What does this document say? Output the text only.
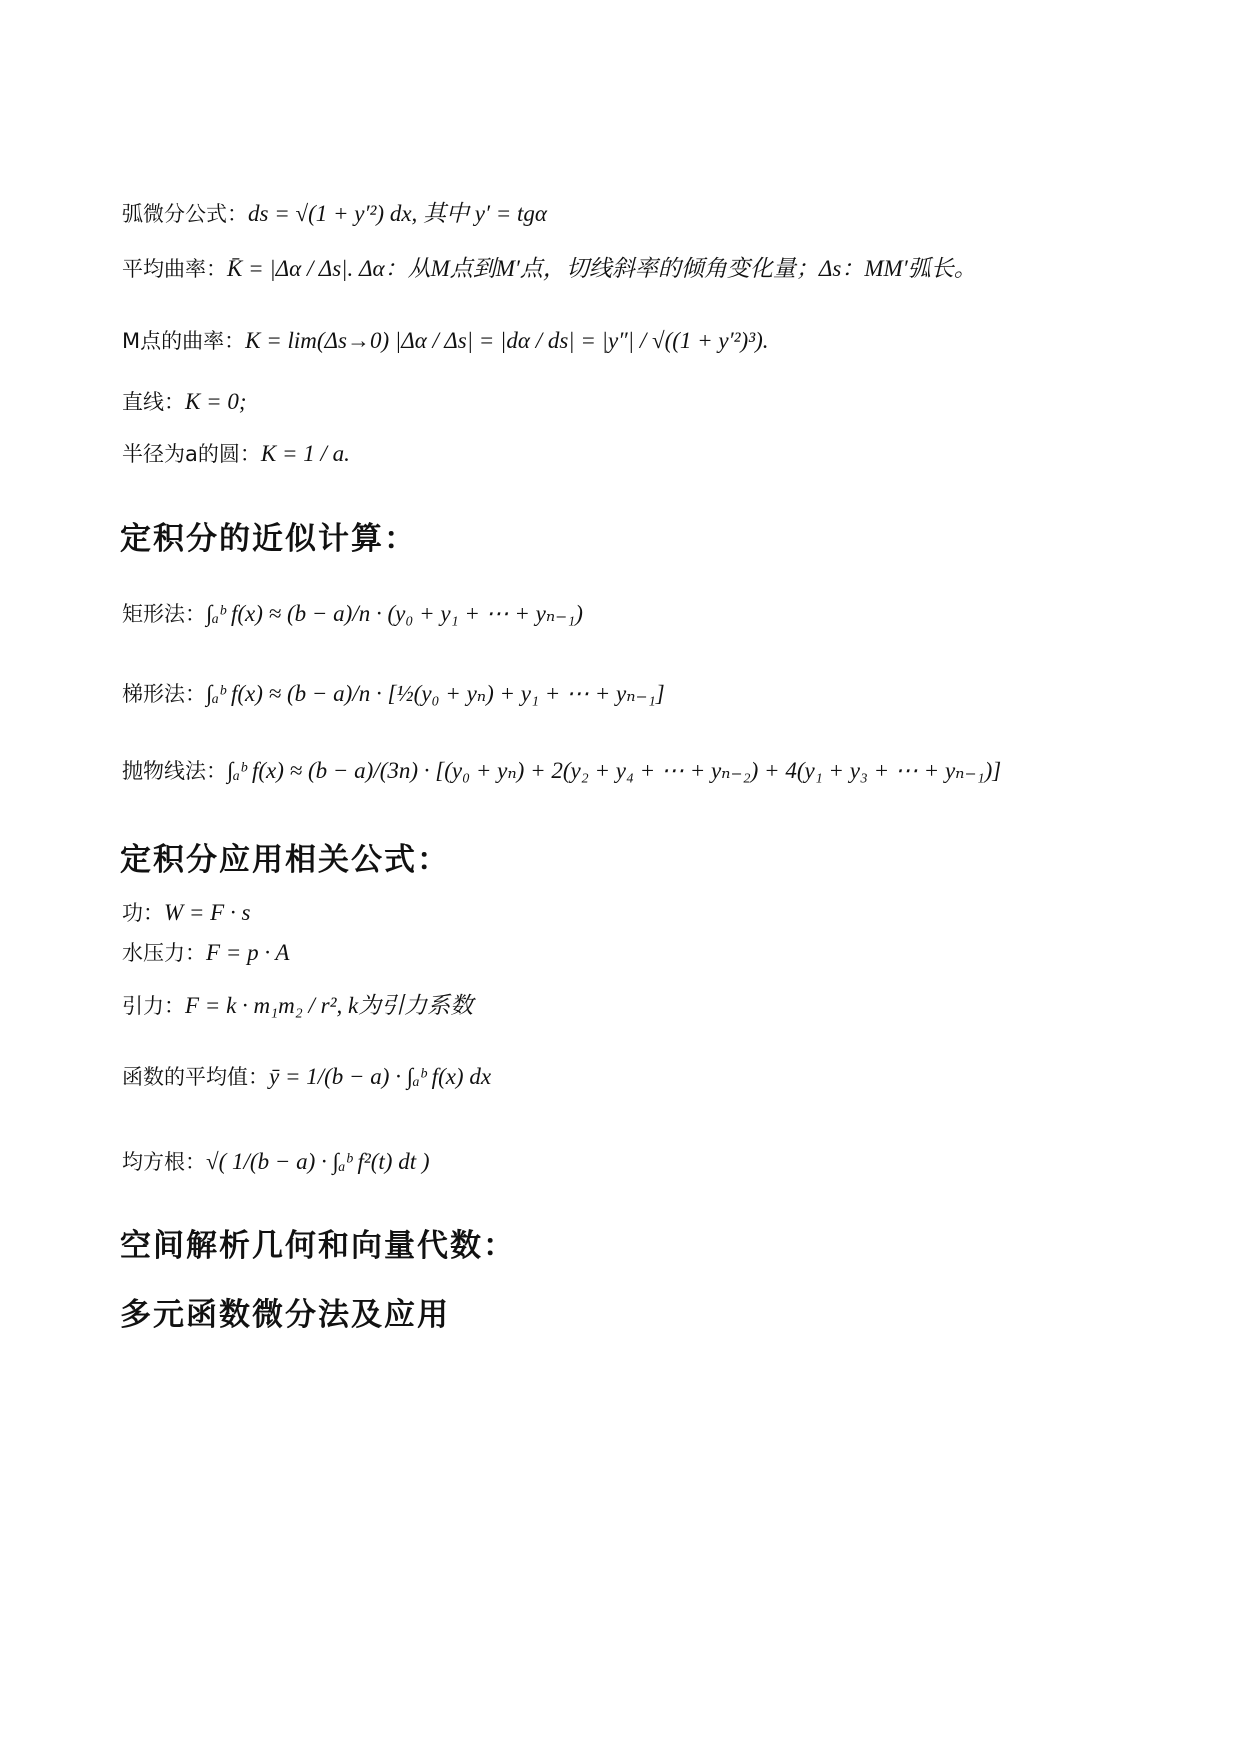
弧微分公式：ds = √(1 + y′²) dx, 其中 y′ = tgα
平均曲率：K̄ = |Δα / Δs|. Δα：从M点到M′点，切线斜率的倾角变化量；Δs：MM′弧长。
M点的曲率：K = lim(Δs→0) |Δα / Δs| = |dα / ds| = |y″| / √((1 + y′²)³).
直线：K = 0;
半径为a的圆：K = 1 / a.
定积分的近似计算：
矩形法：∫ₐᵇ f(x) ≈ (b − a)/n · (y₀ + y₁ + ⋯ + yₙ₋₁)
梯形法：∫ₐᵇ f(x) ≈ (b − a)/n · [½(y₀ + yₙ) + y₁ + ⋯ + yₙ₋₁]
抛物线法：∫ₐᵇ f(x) ≈ (b − a)/(3n) · [(y₀ + yₙ) + 2(y₂ + y₄ + ⋯ + yₙ₋₂) + 4(y₁ + y₃ + ⋯ + yₙ₋₁)]
定积分应用相关公式：
功：W = F · s
水压力：F = p · A
引力：F = k · m₁m₂ / r², k为引力系数
函数的平均值：ȳ = 1/(b − a) · ∫ₐᵇ f(x) dx
均方根：√( 1/(b − a) · ∫ₐᵇ f²(t) dt )
空间解析几何和向量代数：
多元函数微分法及应用
